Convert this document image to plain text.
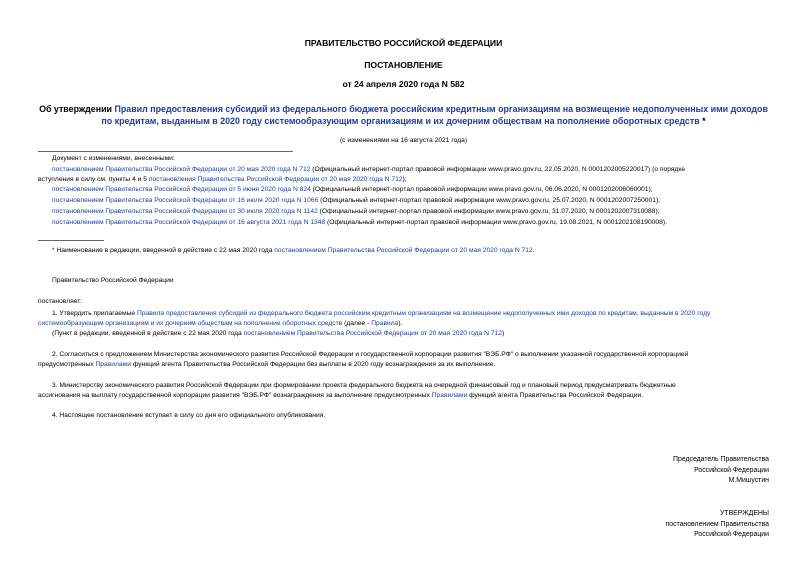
ПРАВИТЕЛЬСТВО РОССИЙСКОЙ ФЕДЕРАЦИИ
ПОСТАНОВЛЕНИЕ
от 24 апреля 2020 года N 582
Об утверждении Правил предоставления субсидий из федерального бюджета российским кредитным организациям на возмещение недополученных ими доходов
по кредитам, выданным в 2020 году системообразующим организациям и их дочерним обществам на пополнение оборотных средств *
(с изменениями на 16 августа 2021 года)
Документ с изменениями, внесенными:
постановлением Правительства Российской Федерации от 20 мая 2020 года N 712 (Официальный интернет-портал правовой информации www.pravo.gov.ru, 22.05.2020, N 0001202005220017) (о порядке
вступления в силу см. пункты 4 и 5 постановления Правительства Российской Федерации от 20 мая 2020 года N 712);
постановлением Правительства Российской Федерации от 5 июня 2020 года N 824 (Официальный интернет-портал правовой информации www.pravo.gov.ru, 06.06.2020, N 0001202006060001);
постановлением Правительства Российской Федерации от 16 июля 2020 года N 1066 (Официальный интернет-портал правовой информации www.pravo.gov.ru, 25.07.2020, N 0001202007250001);
постановлением Правительства Российской Федерации от 30 июля 2020 года N 1142 (Официальный интернет-портал правовой информации www.pravo.gov.ru, 31.07.2020, N 0001202007310088);
постановлением Правительства Российской Федерации от 16 августа 2021 года N 1348 (Официальный интернет-портал правовой информации www.pravo.gov.ru, 19.08.2021, N 0001202108190008).
* Наименование в редакции, введенной в действие с 22 мая 2020 года постановлением Правительства Российской Федерации от 20 мая 2020 года N 712.
Правительство Российской Федерации
постановляет:
1. Утвердить прилагаемые Правила предоставления субсидий из федерального бюджета российским кредитным организациям на возмещение недополученных ими доходов по кредитам, выданным в 2020 году
системообразующим организациям и их дочерним обществам на пополнение оборотных средств (далее - Правила).
(Пункт в редакции, введенной в действие с 22 мая 2020 года постановлением Правительства Российской Федерации от 20 мая 2020 года N 712)
2. Согласиться с предложением Министерства экономического развития Российской Федерации и государственной корпорации развития "ВЭБ.РФ" о выполнении указанной государственной корпорацией
предусмотренных Правилами функций агента Правительства Российской Федерации без выплаты в 2020 году вознаграждения за их выполнение.
3. Министерству экономического развития Российской Федерации при формировании проекта федерального бюджета на очередной финансовый год и плановый период предусматривать бюджетные
ассигнования на выплату государственной корпорации развития "ВЭБ.РФ" вознаграждения за выполнение предусмотренных Правилами функций агента Правительства Российской Федерации.
4. Настоящее постановление вступает в силу со дня его официального опубликования.
Председатель Правительства
Российской Федерации
М.Мишустин
УТВЕРЖДЕНЫ
постановлением Правительства
Российской Федерации
